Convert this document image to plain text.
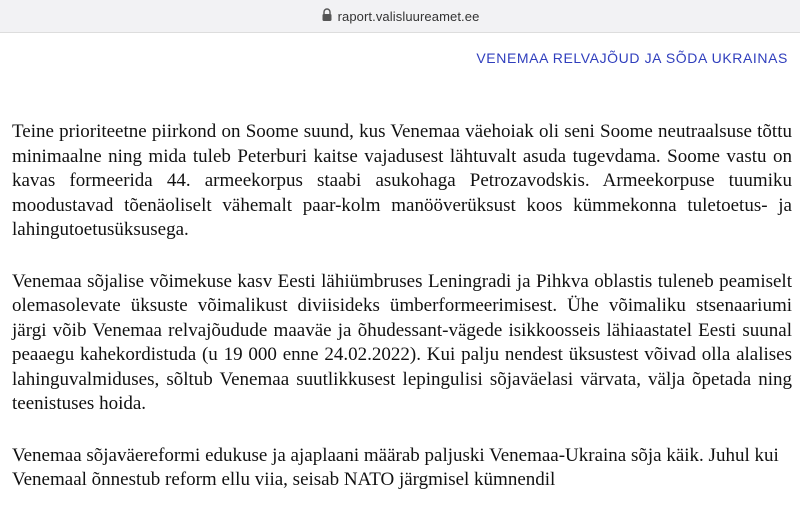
raport.valisluureamet.ee
VENEMAA RELVAJÕUD JA SÕDA UKRAINAS

Teine prioriteetne piirkond on Soome suund, kus Venemaa väehoiak oli seni Soome neutraalsuse tõttu minimaalne ning mida tuleb Peterburi kaitse vajadusest lähtuvalt asuda tugevdama. Soome vastu on kavas formeerida 44. armeekorpus staabi asukohaga Petrozavodskis. Armeekorpuse tuumiku moodustavad tõenäoliselt vähemalt paar-kolm manööverüksust koos kümmekonna tuletoetus- ja lahingutoetusüksusega.

Venemaa sõjalise võimekuse kasv Eesti lähiümbruses Leningradi ja Pihkva oblastis tuleneb peamiselt olemasolevate üksuste võimalikust diviisideks ümberformeerimisest. Ühe võimaliku stsenaariumi järgi võib Venemaa relvajõudude maaväe ja õhudessant-vägede isikkoosseis lähiaastatel Eesti suunal peaaegu kahekordistuda (u 19 000 enne 24.02.2022). Kui palju nendest üksustest võivad olla alalises lahinguvalmiduses, sõltub Venemaa suutlikkusest lepingulisi sõjaväelasi värvata, välja õpetada ning teenistuses hoida.

Venemaa sõjaväereformi edukuse ja ajaplaani määrab paljuski Venemaa-Ukraina sõja käik. Juhul kui Venemaal õnnestub reform ellu viia, seisab NATO järgmisel kümnendil
